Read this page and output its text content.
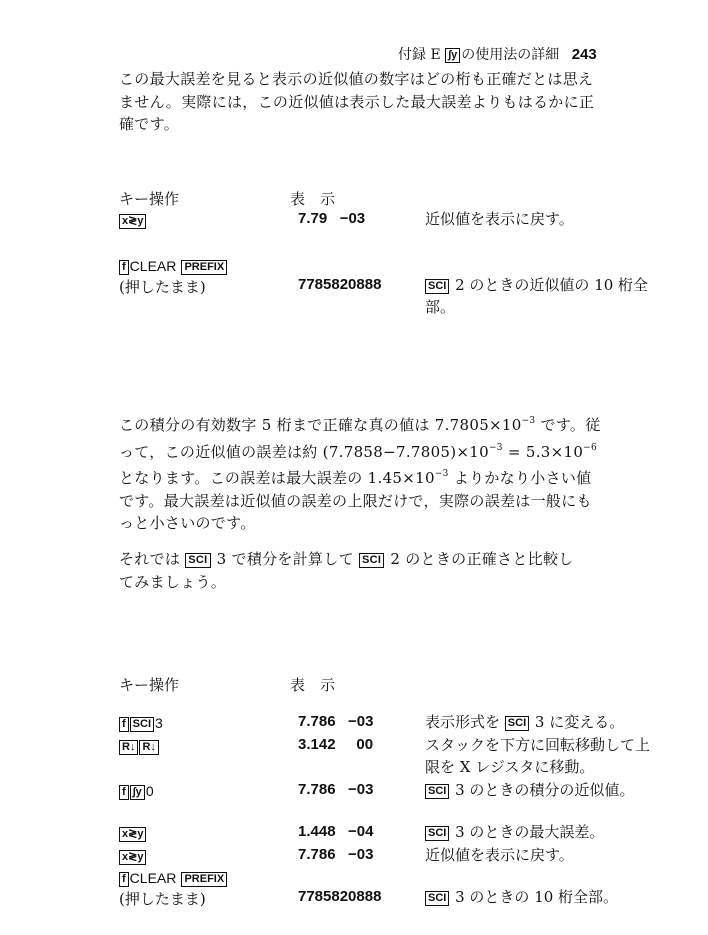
付録 E ∫y の使用法の詳細 243
この最大誤差を見ると表示の近似値の数字はどの桁も正確だとは思え
ません。実際には，この近似値は表示した最大誤差よりもはるかに正
確です。
キー操作	表　示
x≷y	7.79   −03	近似値を表示に戻す。
f CLEAR PREFIX
(押したまま)	7785820888	SCI 2 のときの近似値の 10 桁全部。
この積分の有効数字 5 桁まで正確な真の値は $7.7805\times 10^{-3}$ です。従
って，この近似値の誤差は約 $(7.7858-7.7805)\times 10^{-3} = 5.3\times 10^{-6}$
となります。この誤差は最大誤差の $1.45\times 10^{-3}$ よりかなり小さい値
です。最大誤差は近似値の誤差の上限だけで，実際の誤差は一般にも
っと小さいのです。
それでは SCI 3 で積分を計算して SCI 2 のときの正確さと比較し
てみましょう。
キー操作	表　示
f SCI 3	7.786   −03	表示形式を SCI 3 に変える。
R↓ R↓	3.142     00	スタックを下方に回転移動して上限を X レジスタに移動。
f ∫y 0	7.786   −03	SCI 3 のときの積分の近似値。
x≷y	1.448   −04	SCI 3 のときの最大誤差。
x≷y	7.786   −03	近似値を表示に戻す。
f CLEAR PREFIX
(押したまま)	7785820888	SCI 3 のときの 10 桁全部。
